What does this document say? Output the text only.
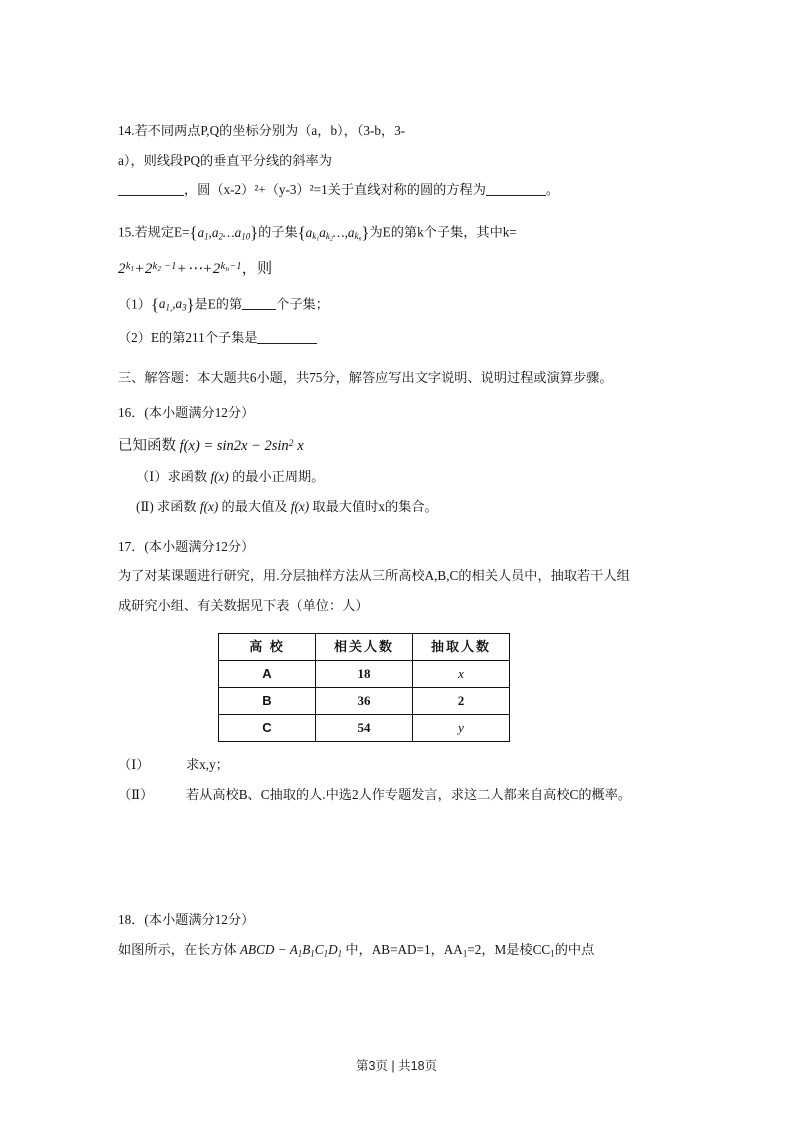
14.若不同两点P,Q的坐标分别为（a，b），（3-b，3-
a），则线段PQ的垂直平分线的斜率为
，圆（x-2）²+（y-3）²=1关于直线对称的圆的方程为	。
15.若规定$E=\{a_1,a_2\dots a_{10}\}$的子集$\{a_{k_1}a_{k_2}\dots,a_{k_n}\}$为E的第k个子集，其中k=
$2^{k_1}+2^{k_2 -1}+\cdots+2^{k_n-1}$，则
$(1)\{a_{1,},a_3\}$是E的第	个子集；
（2）E的第211个子集是
三、解答题：本大题共6小题，共75分，解答应写出文字说明、说明过程或演算步骤。
16．(本小题满分12分）
已知函数 $f(x) = \sin 2x - 2\sin^2$ x
（Ⅰ）求函数 f(x) 的最小正周期。
(Ⅱ) 求函数 f(x) 的最大值及 f(x) 取最大值时x的集合。
17．(本小题满分12分）
为了对某课题进行研究，用.分层抽样方法从三所高校A,B,C的相关人员中，抽取若干人组
成研究小组、有关数据见下表（单位：人）
高 校	相关人数	抽取人数
A	18	x
B	36	2
C	54	y
（Ⅰ）	求x,y；
（Ⅱ）	若从高校B、C抽取的人.中选2人作专题发言，求这二人都来自高校C的概率。
18．(本小题满分12分）
如图所示，在长方体 ABCD − $A_1B_1C_1D_1$ 中，AB=AD=1，$AA_1=2$，M是棱$CC_1$的中点
第3页 | 共18页
